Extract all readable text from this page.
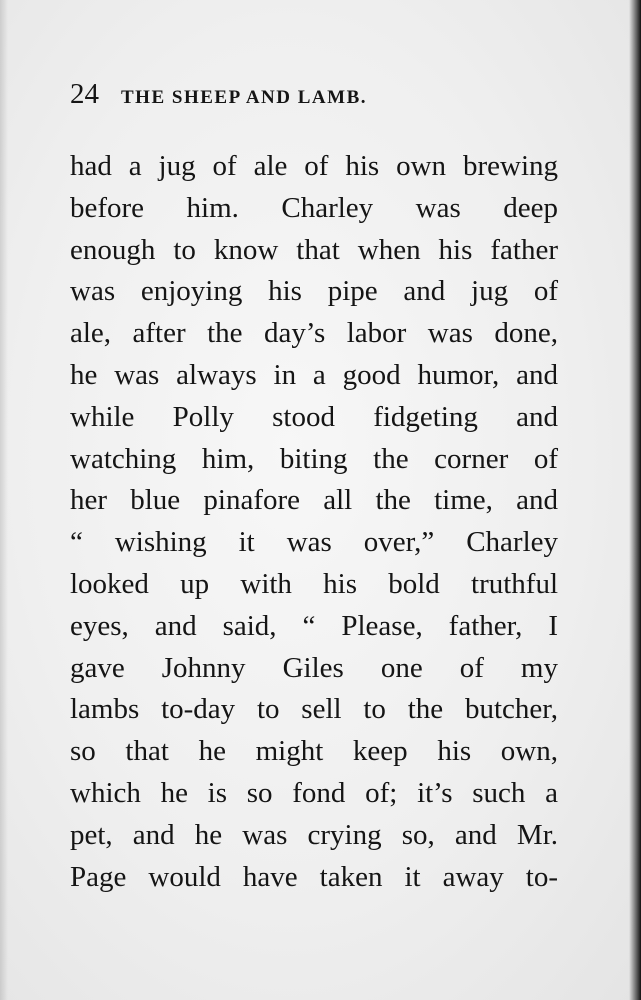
24 THE SHEEP AND LAMB.
had a jug of ale of his own brewing
before him. Charley was deep
enough to know that when his father
was enjoying his pipe and jug of
ale, after the day’s labor was done,
he was always in a good humor, and
while Polly stood fidgeting and
watching him, biting the corner of
her blue pinafore all the time, and
“ wishing it was over,” Charley
looked up with his bold truthful
eyes, and said, “ Please, father, I
gave Johnny Giles one of my
lambs to-day to sell to the butcher,
so that he might keep his own,
which he is so fond of; it’s such a
pet, and he was crying so, and Mr.
Page would have taken it away to-
